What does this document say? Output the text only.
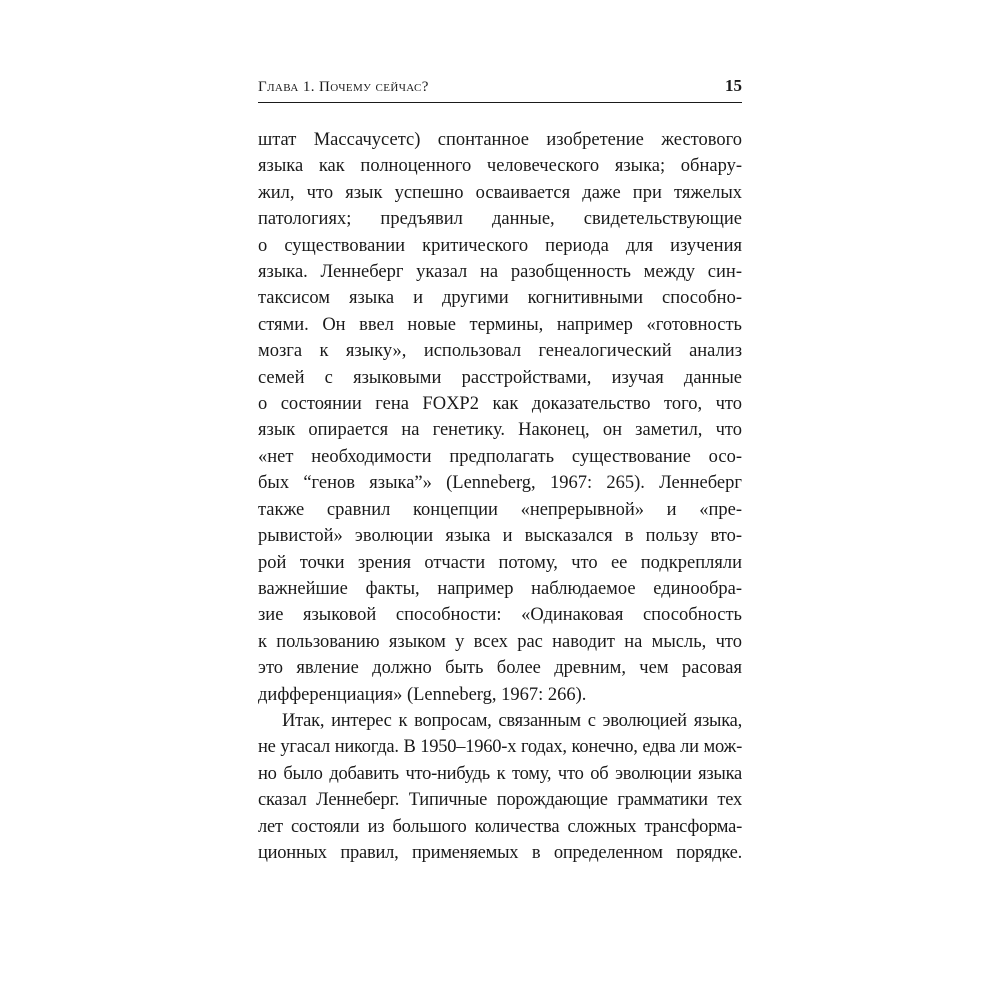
Глава 1. Почему сейчас?	15

штат Массачусетс) спонтанное изобретение жестового
языка как полноценного человеческого языка; обнару-
жил, что язык успешно осваивается даже при тяжелых
патологиях; предъявил данные, свидетельствующие
о существовании критического периода для изучения
языка. Леннеберг указал на разобщенность между син-
таксисом языка и другими когнитивными способно-
стями. Он ввел новые термины, например «готовность
мозга к языку», использовал генеалогический анализ
семей с языковыми расстройствами, изучая данные
о состоянии гена FOXP2 как доказательство того, что
язык опирается на генетику. Наконец, он заметил, что
«нет необходимости предполагать существование осо-
бых “генов языка”» (Lenneberg, 1967: 265). Леннеберг
также сравнил концепции «непрерывной» и «пре-
рывистой» эволюции языка и высказался в пользу вто-
рой точки зрения отчасти потому, что ее подкрепляли
важнейшие факты, например наблюдаемое единообра-
зие языковой способности: «Одинаковая способность
к пользованию языком у всех рас наводит на мысль, что
это явление должно быть более древним, чем расовая
дифференциация» (Lenneberg, 1967: 266).

Итак, интерес к вопросам, связанным с эволюцией языка,
не угасал никогда. В 1950–1960-х годах, конечно, едва ли мож-
но было добавить что-нибудь к тому, что об эволюции языка
сказал Леннеберг. Типичные порождающие грамматики тех
лет состояли из большого количества сложных трансформа-
ционных правил, применяемых в определенном порядке.
